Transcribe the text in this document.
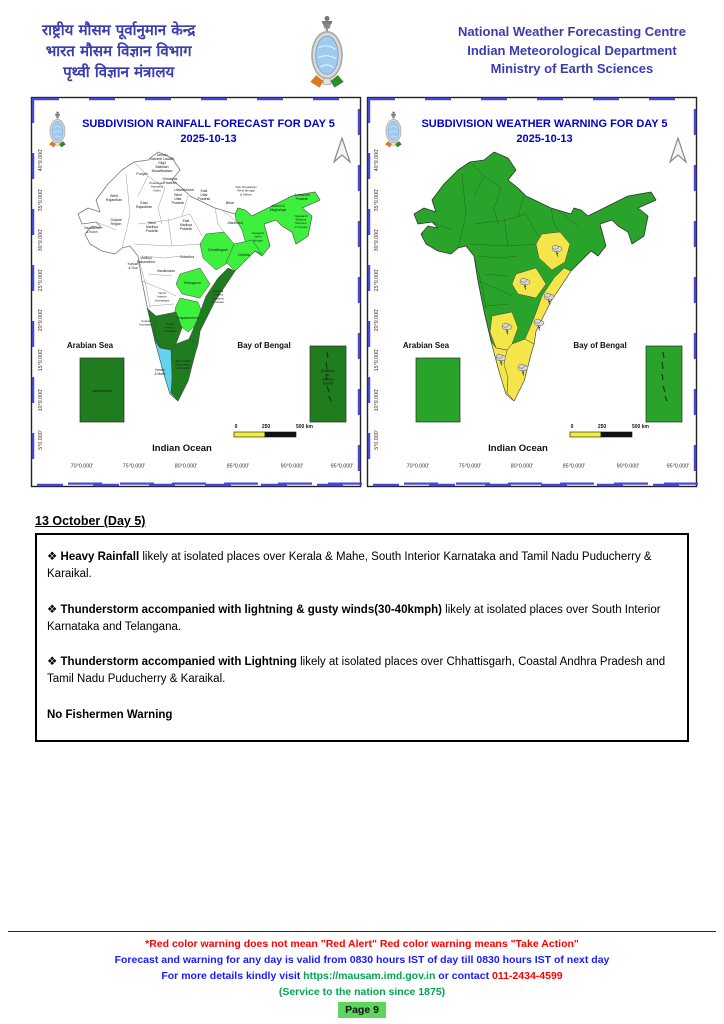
राष्ट्रीय मौसम पूर्वानुमान केन्द्र
भारत मौसम विज्ञान विभाग
पृथ्वी विज्ञान मंत्रालय
National Weather Forecasting Centre
Indian Meteorological Department
Ministry of Earth Sciences
SUBDIVISION RAINFALL FORECAST FOR DAY 5
2025-10-13
40°0.000'
35°0.000'
30°0.000'
25°0.000'
20°0.000'
15°0.000'
10°0.000'
5°0.000'
70°0.000'	75°0.000'	80°0.000'	85°0.000'	90°0.000'	95°0.000'
Jammu Kashmir Ladakh Gilgit Baltistan Muzaffarabad
Himachal Pradesh
Punjab
Uttarakhand
Chandigarh Haryana Delhi
West Rajasthan
East Rajasthan
West Uttar Pradesh
East Uttar Pradesh
Bihar
Sub Himalayan West Bengal & Sikkim	Arunachal Pradesh
Assam & Meghalaya
Nagaland Manipur Mizoram & Tripura
Gangetic West Bengal
Jharkhand
Saurashtra & Kutch
Gujarat Region	West Madhya Pradesh
East Madhya Pradesh
Chhattisgarh
Odisha
Vidarbha
Madhya Maharashtra
Marathwada
Konkan & Goa
Telangana
Coastal Andhra Pradesh & Yanam
Rayalaseema
North Interior Karnataka
Coastal Karnataka	South Interior Karnataka
Kerala & Mahe
Tamil Nadu Puducherry & Karaikal
Arabian Sea	Bay of Bengal
Indian Ocean
Lakshadweep
Andaman & Nicobar Islands
0	250	500 km
SUBDIVISION WEATHER WARNING FOR DAY 5
2025-10-13
40°0.000'
35°0.000'
30°0.000'
25°0.000'
20°0.000'
15°0.000'
10°0.000'
5°0.000'
70°0.000'	75°0.000'	80°0.000'	85°0.000'	90°0.000'	95°0.000'
Arabian Sea	Bay of Bengal
Indian Ocean
0	250	500 km
13 October (Day 5)

❖ Heavy Rainfall likely at isolated places over Kerala & Mahe, South Interior Karnataka and Tamil Nadu Puducherry & Karaikal.

❖ Thunderstorm accompanied with lightning & gusty winds(30-40kmph) likely at isolated places over South Interior Karnataka and Telangana.

❖ Thunderstorm accompanied with Lightning likely at isolated places over Chhattisgarh, Coastal Andhra Pradesh and Tamil Nadu Puducherry & Karaikal.

No Fishermen Warning

*Red color warning does not mean "Red Alert" Red color warning means "Take Action"
Forecast and warning for any day is valid from 0830 hours IST of day till 0830 hours IST of next day
For more details kindly visit https://mausam.imd.gov.in or contact 011-2434-4599
(Service to the nation since 1875)
Page 9
